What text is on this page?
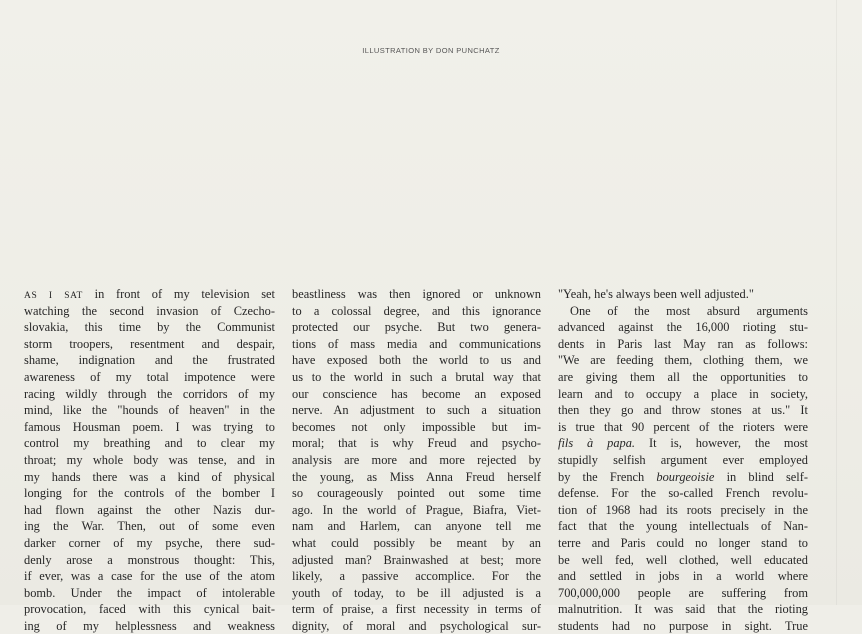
ILLUSTRATION BY DON PUNCHATZ
AS I SAT in front of my television set
watching the second invasion of Czecho-
slovakia, this time by the Communist
storm troopers, resentment and despair,
shame, indignation and the frustrated
awareness of my total impotence were
racing wildly through the corridors of my
mind, like the "hounds of heaven" in the
famous Housman poem. I was trying to
control my breathing and to clear my
throat; my whole body was tense, and in
my hands there was a kind of physical
longing for the controls of the bomber I
had flown against the other Nazis dur-
ing the War. Then, out of some even
darker corner of my psyche, there sud-
denly arose a monstrous thought: This,
if ever, was a case for the use of the atom
bomb. Under the impact of intolerable
provocation, faced with this cynical bait-
ing of my helplessness and weakness
beastliness was then ignored or unknown
to a colossal degree, and this ignorance
protected our psyche. But two genera-
tions of mass media and communications
have exposed both the world to us and
us to the world in such a brutal way that
our conscience has become an exposed
nerve. An adjustment to such a situation
becomes not only impossible but im-
moral; that is why Freud and psycho-
analysis are more and more rejected by
the young, as Miss Anna Freud herself
so courageously pointed out some time
ago. In the world of Prague, Biafra, Viet-
nam and Harlem, can anyone tell me
what could possibly be meant by an
adjusted man? Brainwashed at best; more
likely, a passive accomplice. For the
youth of today, to be ill adjusted is a
term of praise, a first necessity in terms of
dignity, of moral and psychological sur-
"Yeah, he's always been well adjusted."
One of the most absurd arguments
advanced against the 16,000 rioting stu-
dents in Paris last May ran as follows:
"We are feeding them, clothing them, we
are giving them all the opportunities to
learn and to occupy a place in society,
then they go and throw stones at us." It
is true that 90 percent of the rioters were
fils à papa. It is, however, the most
stupidly selfish argument ever employed
by the French bourgeoisie in blind self-
defense. For the so-called French revolu-
tion of 1968 had its roots precisely in the
fact that the young intellectuals of Nan-
terre and Paris could no longer stand to
be well fed, well clothed, well educated
and settled in jobs in a world where
700,000,000 people are suffering from
malnutrition. It was said that the rioting
students had no purpose in sight. True
